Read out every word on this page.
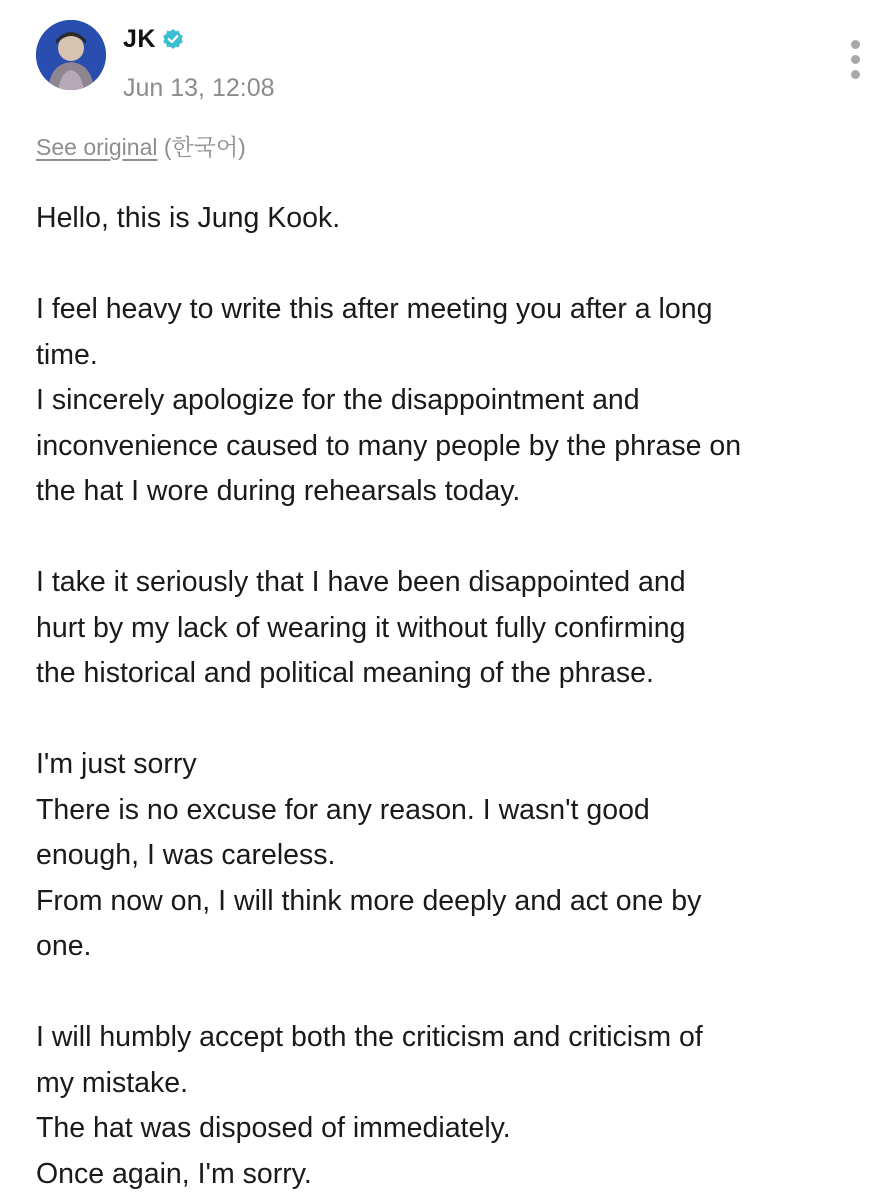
JK
Jun 13, 12:08
See original (한국어)

Hello, this is Jung Kook.

I feel heavy to write this after meeting you after a long

time.

I sincerely apologize for the disappointment and

inconvenience caused to many people by the phrase on

the hat I wore during rehearsals today.

I take it seriously that I have been disappointed and

hurt by my lack of wearing it without fully confirming

the historical and political meaning of the phrase.

I'm just sorry

There is no excuse for any reason. I wasn't good

enough, I was careless.

From now on, I will think more deeply and act one by

one.

I will humbly accept both the criticism and criticism of

my mistake.

The hat was disposed of immediately.

Once again, I'm sorry.
